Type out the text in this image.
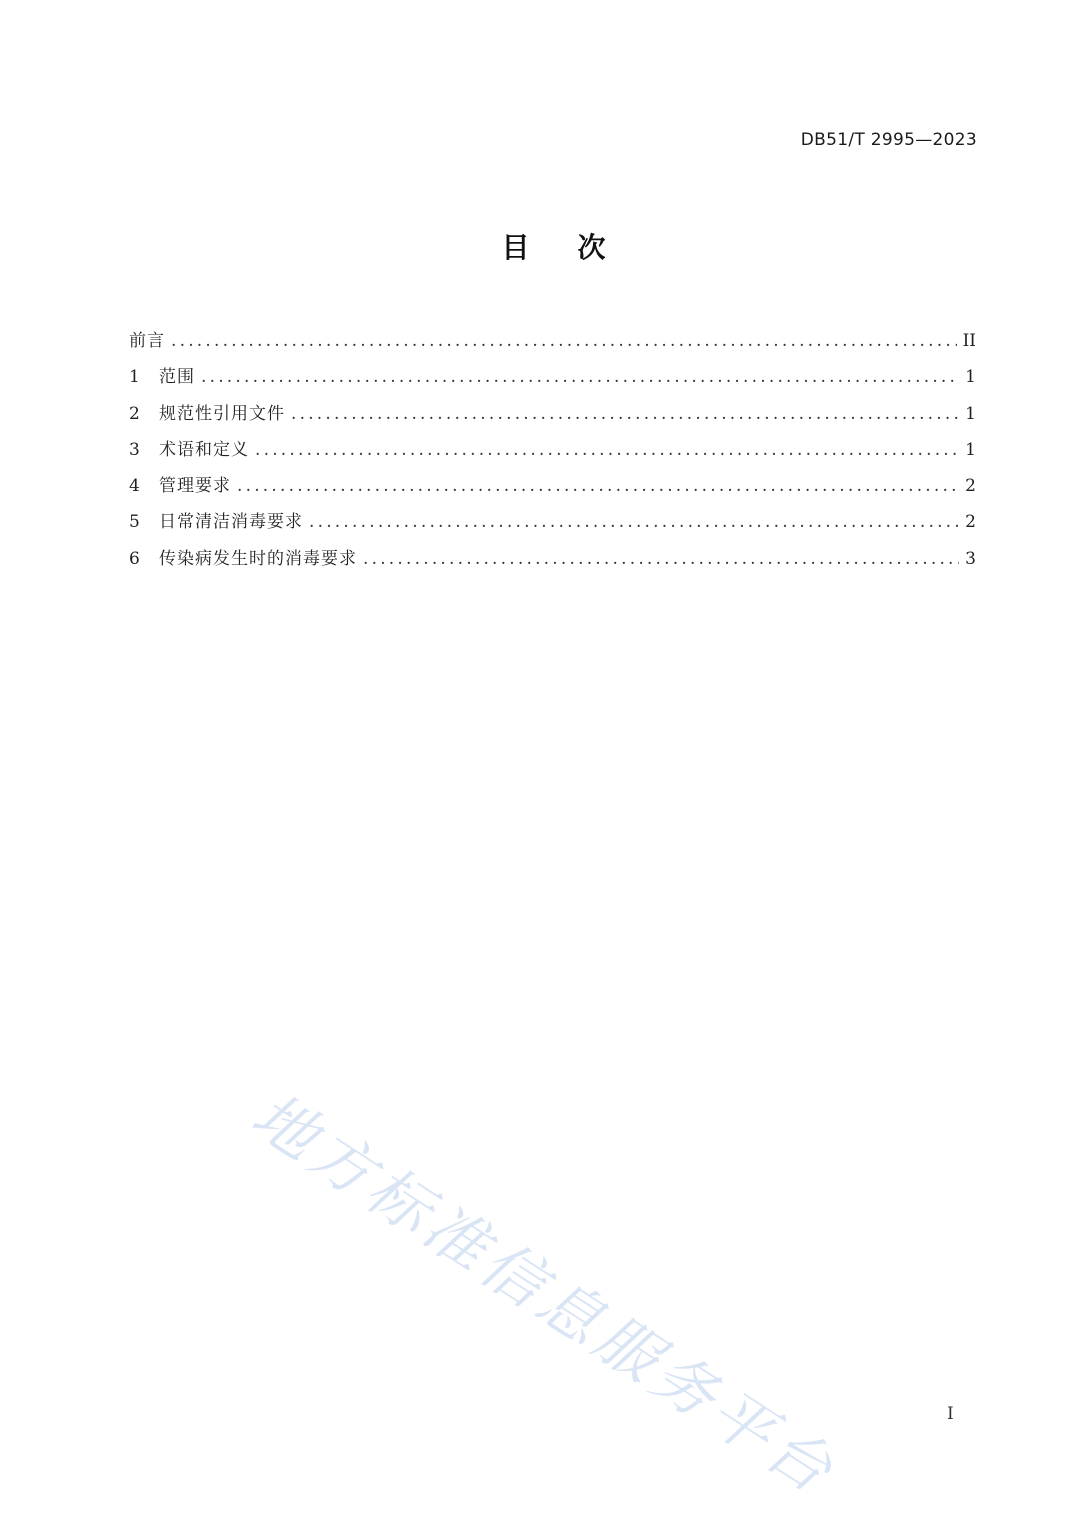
DB51/T 2995—2023
目 次
前言 .....	II
1	范围 .....	1
2	规范性引用文件 .....	1
3	术语和定义 .....	1
4	管理要求 .....	2
5	日常清洁消毒要求 .....	2
6	传染病发生时的消毒要求 .....	3
地方标准信息服务平台	I
